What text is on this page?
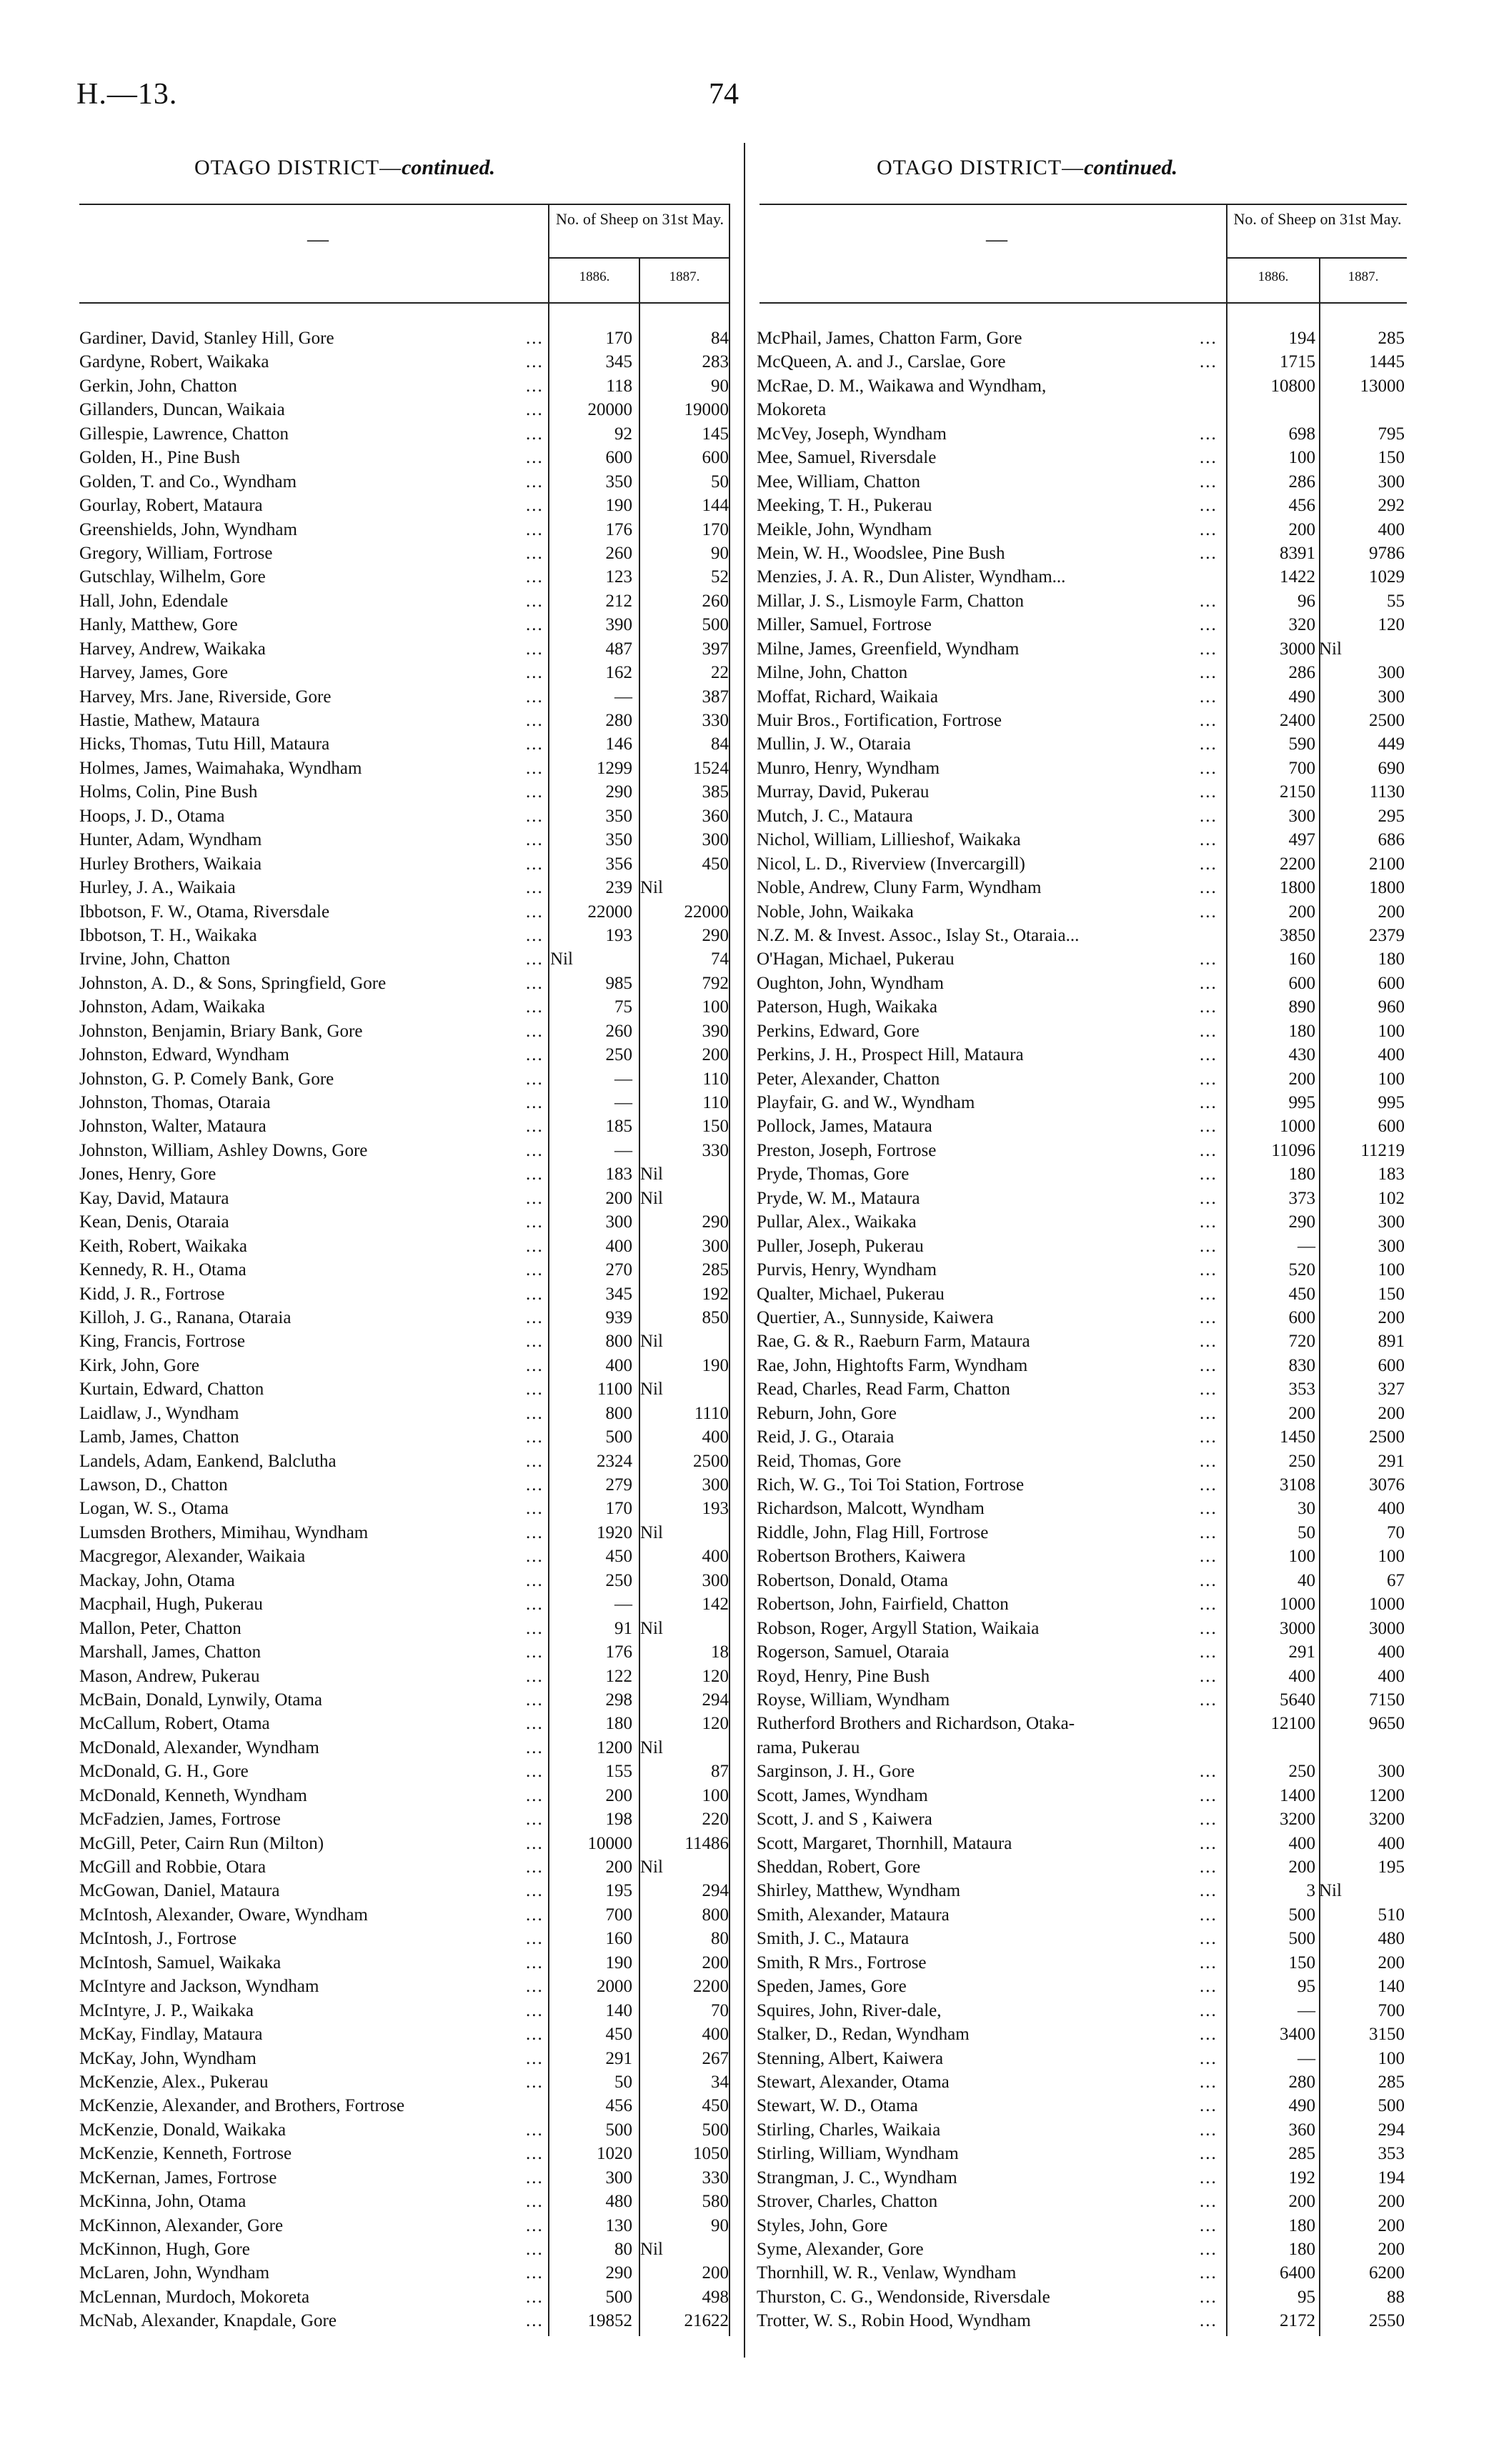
H.—13.	74
OTAGO DISTRICT—continued.
—
No. of Sheep on 31st May.
1886.	1887.
Gardiner, David, Stanley Hill, Gore ...	170	84
Gardyne, Robert, Waikaka ...	345	283
Gerkin, John, Chatton ...	118	90
Gillanders, Duncan, Waikaia ...	20000	19000
Gillespie, Lawrence, Chatton ...	92	145
Golden, H., Pine Bush ...	600	600
Golden, T. and Co., Wyndham ...	350	50
Gourlay, Robert, Mataura ...	190	144
Greenshields, John, Wyndham ...	176	170
Gregory, William, Fortrose ...	260	90
Gutschlay, Wilhelm, Gore ...	123	52
Hall, John, Edendale ...	212	260
Hanly, Matthew, Gore ...	390	500
Harvey, Andrew, Waikaka ...	487	397
Harvey, James, Gore ...	162	22
Harvey, Mrs. Jane, Riverside, Gore ...	—	387
Hastie, Mathew, Mataura ...	280	330
Hicks, Thomas, Tutu Hill, Mataura ...	146	84
Holmes, James, Waimahaka, Wyndham ...	1299	1524
Holms, Colin, Pine Bush ...	290	385
Hoops, J. D., Otama ...	350	360
Hunter, Adam, Wyndham ...	350	300
Hurley Brothers, Waikaia ...	356	450
Hurley, J. A., Waikaia ...	239 Nil
Ibbotson, F. W., Otama, Riversdale ...	22000	22000
Ibbotson, T. H., Waikaka ...	193	290
Irvine, John, Chatton ...	Nil	74
Johnston, A. D., & Sons, Springfield, Gore ...	985	792
Johnston, Adam, Waikaka ...	75	100
Johnston, Benjamin, Briary Bank, Gore ...	260	390
Johnston, Edward, Wyndham ...	250	200
Johnston, G. P. Comely Bank, Gore ...	—	110
Johnston, Thomas, Otaraia ...	—	110
Johnston, Walter, Mataura ...	185	150
Johnston, William, Ashley Downs, Gore ...	—	330
Jones, Henry, Gore ...	183 Nil
Kay, David, Mataura ...	200 Nil
Kean, Denis, Otaraia ...	300	290
Keith, Robert, Waikaka ...	400	300
Kennedy, R. H., Otama ...	270	285
Kidd, J. R., Fortrose ...	345	192
Killoh, J. G., Ranana, Otaraia ...	939	850
King, Francis, Fortrose ...	800 Nil
Kirk, John, Gore ...	400	190
Kurtain, Edward, Chatton ...	1100 Nil
Laidlaw, J., Wyndham ...	800	1110
Lamb, James, Chatton ...	500	400
Landels, Adam, Eankend, Balclutha ...	2324	2500
Lawson, D., Chatton ...	279	300
Logan, W. S., Otama ...	170	193
Lumsden Brothers, Mimihau, Wyndham ...	1920 Nil
Macgregor, Alexander, Waikaia ...	450	400
Mackay, John, Otama ...	250	300
Macphail, Hugh, Pukerau ...	—	142
Mallon, Peter, Chatton ...	91 Nil
Marshall, James, Chatton ...	176	18
Mason, Andrew, Pukerau ...	122	120
McBain, Donald, Lynwily, Otama ...	298	294
McCallum, Robert, Otama ...	180	120
McDonald, Alexander, Wyndham ...	1200 Nil
McDonald, G. H., Gore ...	155	87
McDonald, Kenneth, Wyndham ...	200	100
McFadzien, James, Fortrose ...	198	220
McGill, Peter, Cairn Run (Milton) ...	10000	11486
McGill and Robbie, Otara ...	200 Nil
McGowan, Daniel, Mataura ...	195	294
McIntosh, Alexander, Oware, Wyndham ...	700	800
McIntosh, J., Fortrose ...	160	80
McIntosh, Samuel, Waikaka ...	190	200
McIntyre and Jackson, Wyndham ...	2000	2200
McIntyre, J. P., Waikaka ...	140	70
McKay, Findlay, Mataura ...	450	400
McKay, John, Wyndham ...	291	267
McKenzie, Alex., Pukerau ...	50	34
McKenzie, Alexander, and Brothers, Fortrose	456	450
McKenzie, Donald, Waikaka ...	500	500
McKenzie, Kenneth, Fortrose ...	1020	1050
McKernan, James, Fortrose ...	300	330
McKinna, John, Otama ...	480	580
McKinnon, Alexander, Gore ...	130	90
McKinnon, Hugh, Gore ...	80 Nil
McLaren, John, Wyndham ...	290	200
McLennan, Murdoch, Mokoreta ...	500	498
McNab, Alexander, Knapdale, Gore ...	19852	21622
OTAGO DISTRICT—continued.
—
No. of Sheep on 31st May.
1886.	1887.
McPhail, James, Chatton Farm, Gore ...	194	285
McQueen, A. and J., Carslae, Gore ...	1715	1445
McRae, D. M., Waikawa and Wyndham,	10800	13000
Mokoreta
McVey, Joseph, Wyndham ...	698	795
Mee, Samuel, Riversdale ...	100	150
Mee, William, Chatton ...	286	300
Meeking, T. H., Pukerau ...	456	292
Meikle, John, Wyndham ...	200	400
Mein, W. H., Woodslee, Pine Bush ...	8391	9786
Menzies, J. A. R., Dun Alister, Wyndham...	1422	1029
Millar, J. S., Lismoyle Farm, Chatton ...	96	55
Miller, Samuel, Fortrose ...	320	120
Milne, James, Greenfield, Wyndham ...	3000 Nil
Milne, John, Chatton ...	286	300
Moffat, Richard, Waikaia ...	490	300
Muir Bros., Fortification, Fortrose ...	2400	2500
Mullin, J. W., Otaraia ...	590	449
Munro, Henry, Wyndham ...	700	690
Murray, David, Pukerau ...	2150	1130
Mutch, J. C., Mataura ...	300	295
Nichol, William, Lillieshof, Waikaka ...	497	686
Nicol, L. D., Riverview (Invercargill) ...	2200	2100
Noble, Andrew, Cluny Farm, Wyndham ...	1800	1800
Noble, John, Waikaka ...	200	200
N.Z. M. & Invest. Assoc., Islay St., Otaraia...	3850	2379
O'Hagan, Michael, Pukerau ...	160	180
Oughton, John, Wyndham ...	600	600
Paterson, Hugh, Waikaka ...	890	960
Perkins, Edward, Gore ...	180	100
Perkins, J. H., Prospect Hill, Mataura ...	430	400
Peter, Alexander, Chatton ...	200	100
Playfair, G. and W., Wyndham ...	995	995
Pollock, James, Mataura ...	1000	600
Preston, Joseph, Fortrose ...	11096	11219
Pryde, Thomas, Gore ...	180	183
Pryde, W. M., Mataura ...	373	102
Pullar, Alex., Waikaka ...	290	300
Puller, Joseph, Pukerau ...	—	300
Purvis, Henry, Wyndham ...	520	100
Qualter, Michael, Pukerau ...	450	150
Quertier, A., Sunnyside, Kaiwera ...	600	200
Rae, G. & R., Raeburn Farm, Mataura ...	720	891
Rae, John, Hightofts Farm, Wyndham ...	830	600
Read, Charles, Read Farm, Chatton ...	353	327
Reburn, John, Gore ...	200	200
Reid, J. G., Otaraia ...	1450	2500
Reid, Thomas, Gore ...	250	291
Rich, W. G., Toi Toi Station, Fortrose ...	3108	3076
Richardson, Malcott, Wyndham ...	30	400
Riddle, John, Flag Hill, Fortrose ...	50	70
Robertson Brothers, Kaiwera ...	100	100
Robertson, Donald, Otama ...	40	67
Robertson, John, Fairfield, Chatton ...	1000	1000
Robson, Roger, Argyll Station, Waikaia ...	3000	3000
Rogerson, Samuel, Otaraia ...	291	400
Royd, Henry, Pine Bush ...	400	400
Royse, William, Wyndham ...	5640	7150
Rutherford Brothers and Richardson, Otaka-	12100	9650
rama, Pukerau
Sarginson, J. H., Gore ...	250	300
Scott, James, Wyndham ...	1400	1200
Scott, J. and S , Kaiwera ...	3200	3200
Scott, Margaret, Thornhill, Mataura ...	400	400
Sheddan, Robert, Gore ...	200	195
Shirley, Matthew, Wyndham ...	3 Nil
Smith, Alexander, Mataura ...	500	510
Smith, J. C., Mataura ...	500	480
Smith, R Mrs., Fortrose ...	150	200
Speden, James, Gore ...	95	140
Squires, John, River-dale, ...	—	700
Stalker, D., Redan, Wyndham ...	3400	3150
Stenning, Albert, Kaiwera ...	—	100
Stewart, Alexander, Otama ...	280	285
Stewart, W. D., Otama ...	490	500
Stirling, Charles, Waikaia ...	360	294
Stirling, William, Wyndham ...	285	353
Strangman, J. C., Wyndham ...	192	194
Strover, Charles, Chatton ...	200	200
Styles, John, Gore ...	180	200
Syme, Alexander, Gore ...	180	200
Thornhill, W. R., Venlaw, Wyndham ...	6400	6200
Thurston, C. G., Wendonside, Riversdale ...	95	88
Trotter, W. S., Robin Hood, Wyndham ...	2172	2550
